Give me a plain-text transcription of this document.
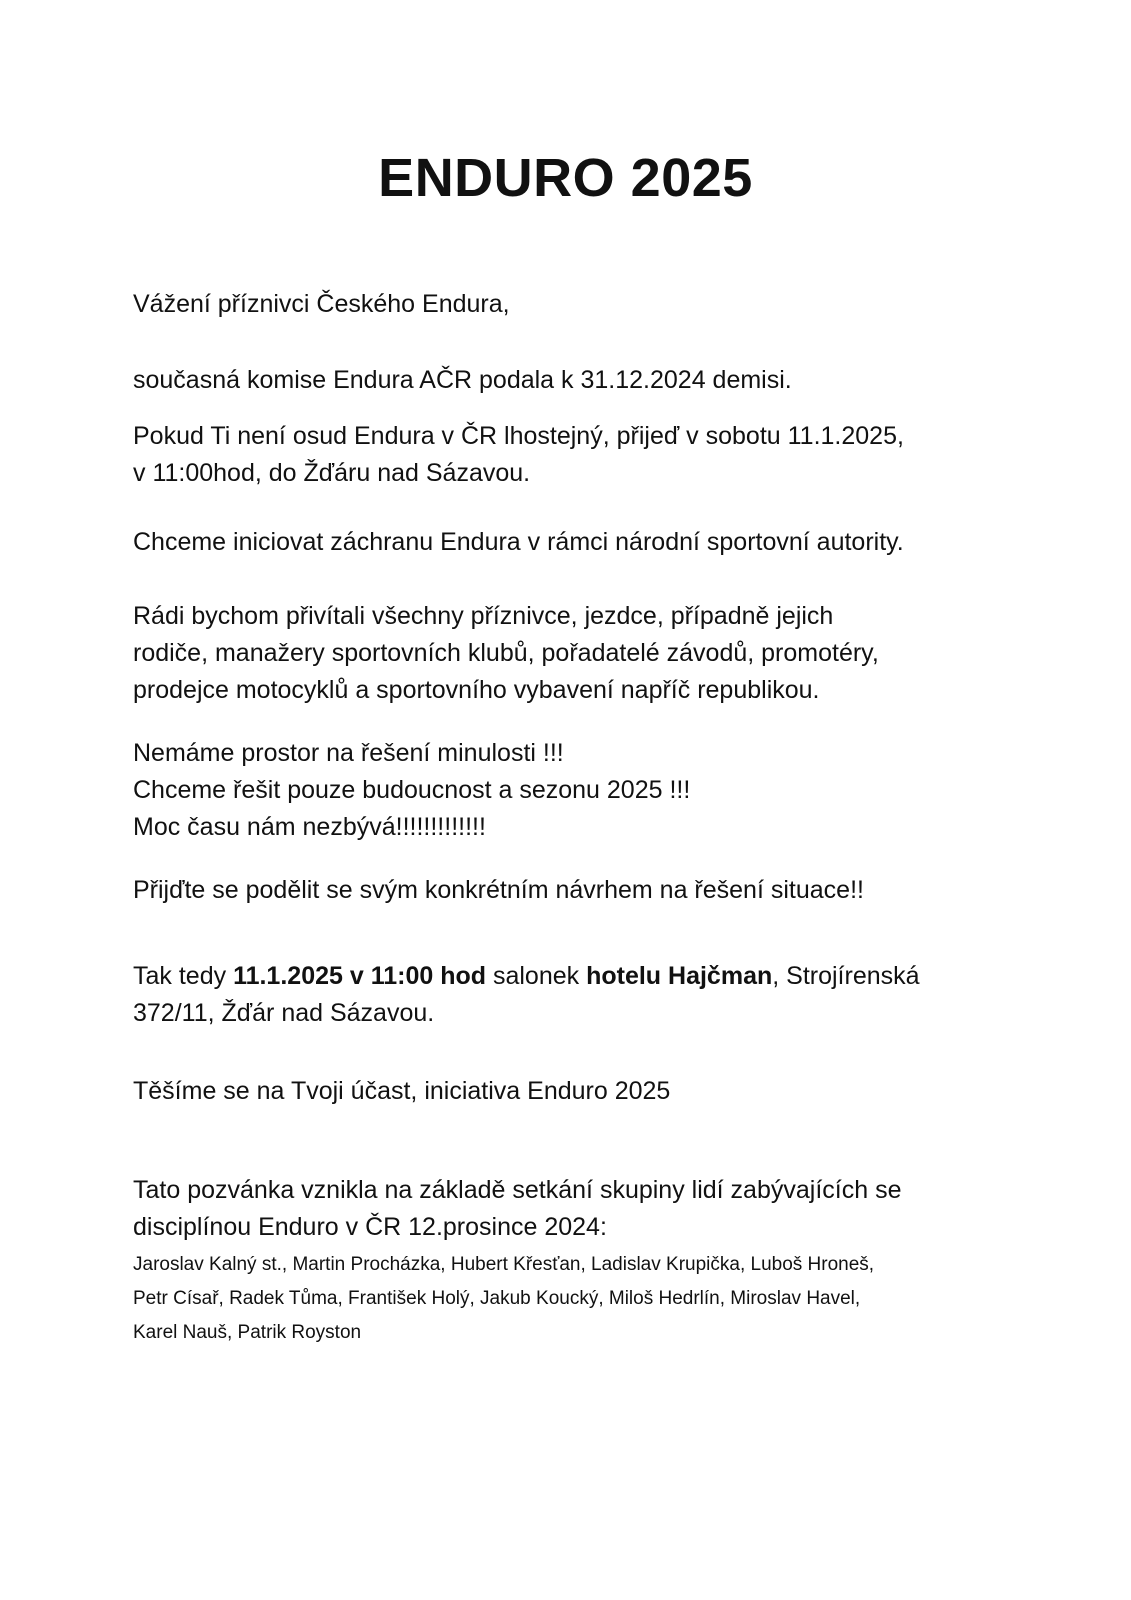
ENDURO 2025

Vážení příznivci Českého Endura,

současná komise Endura AČR podala k 31.12.2024 demisi.

Pokud Ti není osud Endura v ČR lhostejný, přijeď v sobotu 11.1.2025,
v 11:00hod, do Žďáru nad Sázavou.

Chceme iniciovat záchranu Endura v rámci národní sportovní autority.

Rádi bychom přivítali všechny příznivce, jezdce, případně jejich
rodiče, manažery sportovních klubů, pořadatelé závodů, promotéry,
prodejce motocyklů a sportovního vybavení napříč republikou.

Nemáme prostor na řešení minulosti !!!
Chceme řešit pouze budoucnost a sezonu 2025 !!!
Moc času nám nezbývá!!!!!!!!!!!!!

Přijďte se podělit se svým konkrétním návrhem na řešení situace!!

Tak tedy 11.1.2025 v 11:00 hod salonek hotelu Hajčman, Strojírenská
372/11, Žďár nad Sázavou.

Těšíme se na Tvoji účast, iniciativa Enduro 2025

Tato pozvánka vznikla na základě setkání skupiny lidí zabývajících se
disciplínou Enduro v ČR 12.prosince 2024:

Jaroslav Kalný st., Martin Procházka, Hubert Křesťan, Ladislav Krupička, Luboš Hroneš,
Petr Císař, Radek Tůma, František Holý, Jakub Koucký, Miloš Hedrlín, Miroslav Havel,
Karel Nauš, Patrik Royston
